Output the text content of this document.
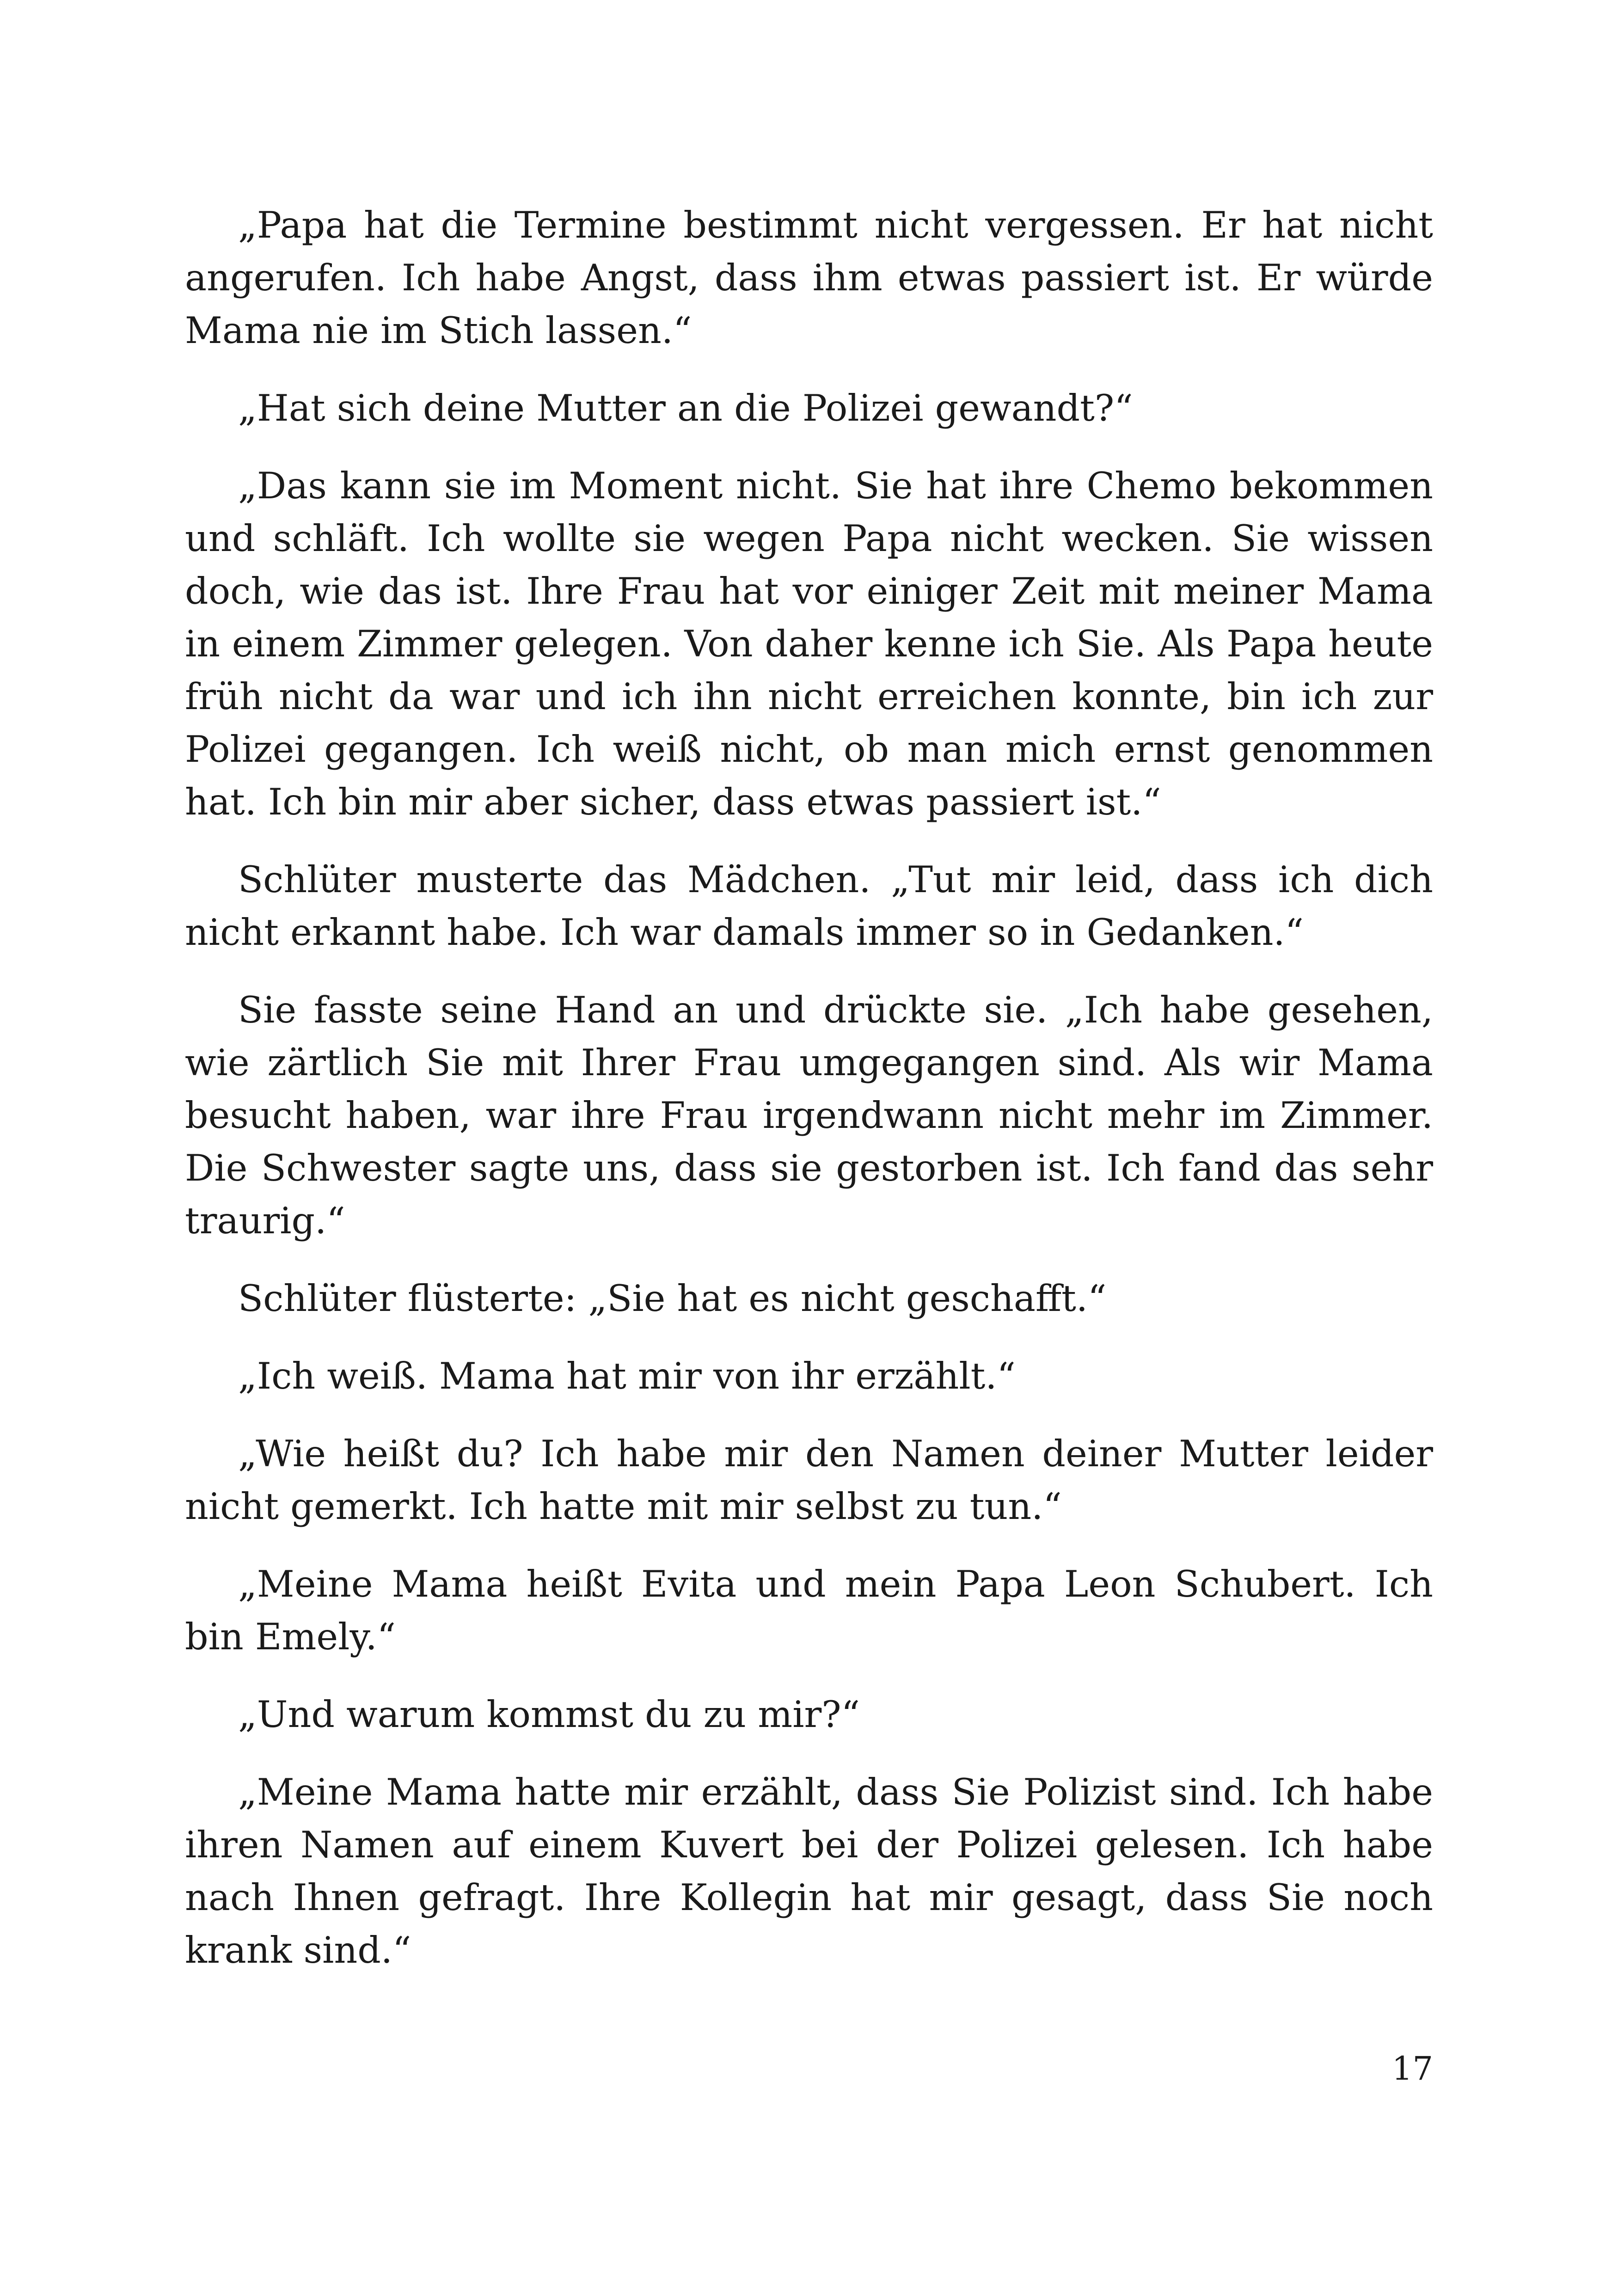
„Papa hat die Termine bestimmt nicht vergessen. Er hat nicht angerufen. Ich habe Angst, dass ihm etwas passiert ist. Er würde Mama nie im Stich lassen.“

„Hat sich deine Mutter an die Polizei gewandt?“

„Das kann sie im Moment nicht. Sie hat ihre Chemo bekommen und schläft. Ich wollte sie wegen Papa nicht wecken. Sie wissen doch, wie das ist. Ihre Frau hat vor einiger Zeit mit meiner Mama in einem Zimmer gelegen. Von daher kenne ich Sie. Als Papa heute früh nicht da war und ich ihn nicht erreichen konnte, bin ich zur Polizei gegangen. Ich weiß nicht, ob man mich ernst genommen hat. Ich bin mir aber sicher, dass etwas passiert ist.“

Schlüter musterte das Mädchen. „Tut mir leid, dass ich dich nicht erkannt habe. Ich war damals immer so in Gedanken.“

Sie fasste seine Hand an und drückte sie. „Ich habe gesehen, wie zärtlich Sie mit Ihrer Frau umgegangen sind. Als wir Mama besucht haben, war ihre Frau irgendwann nicht mehr im Zimmer. Die Schwester sagte uns, dass sie gestorben ist. Ich fand das sehr traurig.“

Schlüter flüsterte: „Sie hat es nicht geschafft.“

„Ich weiß. Mama hat mir von ihr erzählt.“

„Wie heißt du? Ich habe mir den Namen deiner Mutter leider nicht gemerkt. Ich hatte mit mir selbst zu tun.“

„Meine Mama heißt Evita und mein Papa Leon Schubert. Ich bin Emely.“

„Und warum kommst du zu mir?“

„Meine Mama hatte mir erzählt, dass Sie Polizist sind. Ich habe ihren Namen auf einem Kuvert bei der Polizei gelesen. Ich habe nach Ihnen gefragt. Ihre Kollegin hat mir gesagt, dass Sie noch krank sind.“

17
